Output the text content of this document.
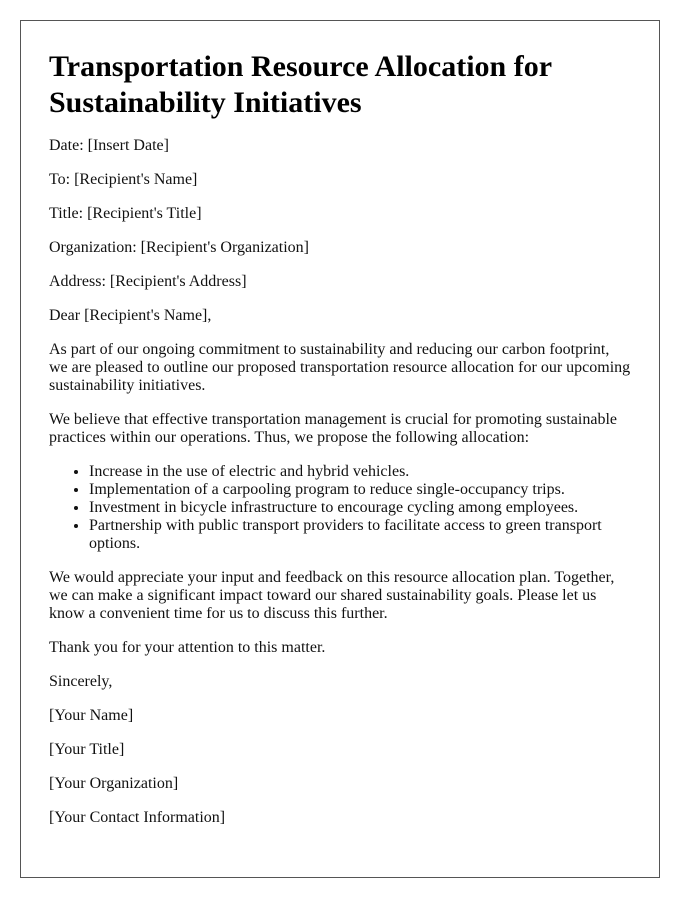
Transportation Resource Allocation for Sustainability Initiatives

Date: [Insert Date]

To: [Recipient's Name]

Title: [Recipient's Title]

Organization: [Recipient's Organization]

Address: [Recipient's Address]

Dear [Recipient's Name],

As part of our ongoing commitment to sustainability and reducing our carbon footprint, we are pleased to outline our proposed transportation resource allocation for our upcoming sustainability initiatives.

We believe that effective transportation management is crucial for promoting sustainable practices within our operations. Thus, we propose the following allocation:

• Increase in the use of electric and hybrid vehicles.
• Implementation of a carpooling program to reduce single-occupancy trips.
• Investment in bicycle infrastructure to encourage cycling among employees.
• Partnership with public transport providers to facilitate access to green transport options.

We would appreciate your input and feedback on this resource allocation plan. Together, we can make a significant impact toward our shared sustainability goals. Please let us know a convenient time for us to discuss this further.

Thank you for your attention to this matter.

Sincerely,

[Your Name]

[Your Title]

[Your Organization]

[Your Contact Information]
